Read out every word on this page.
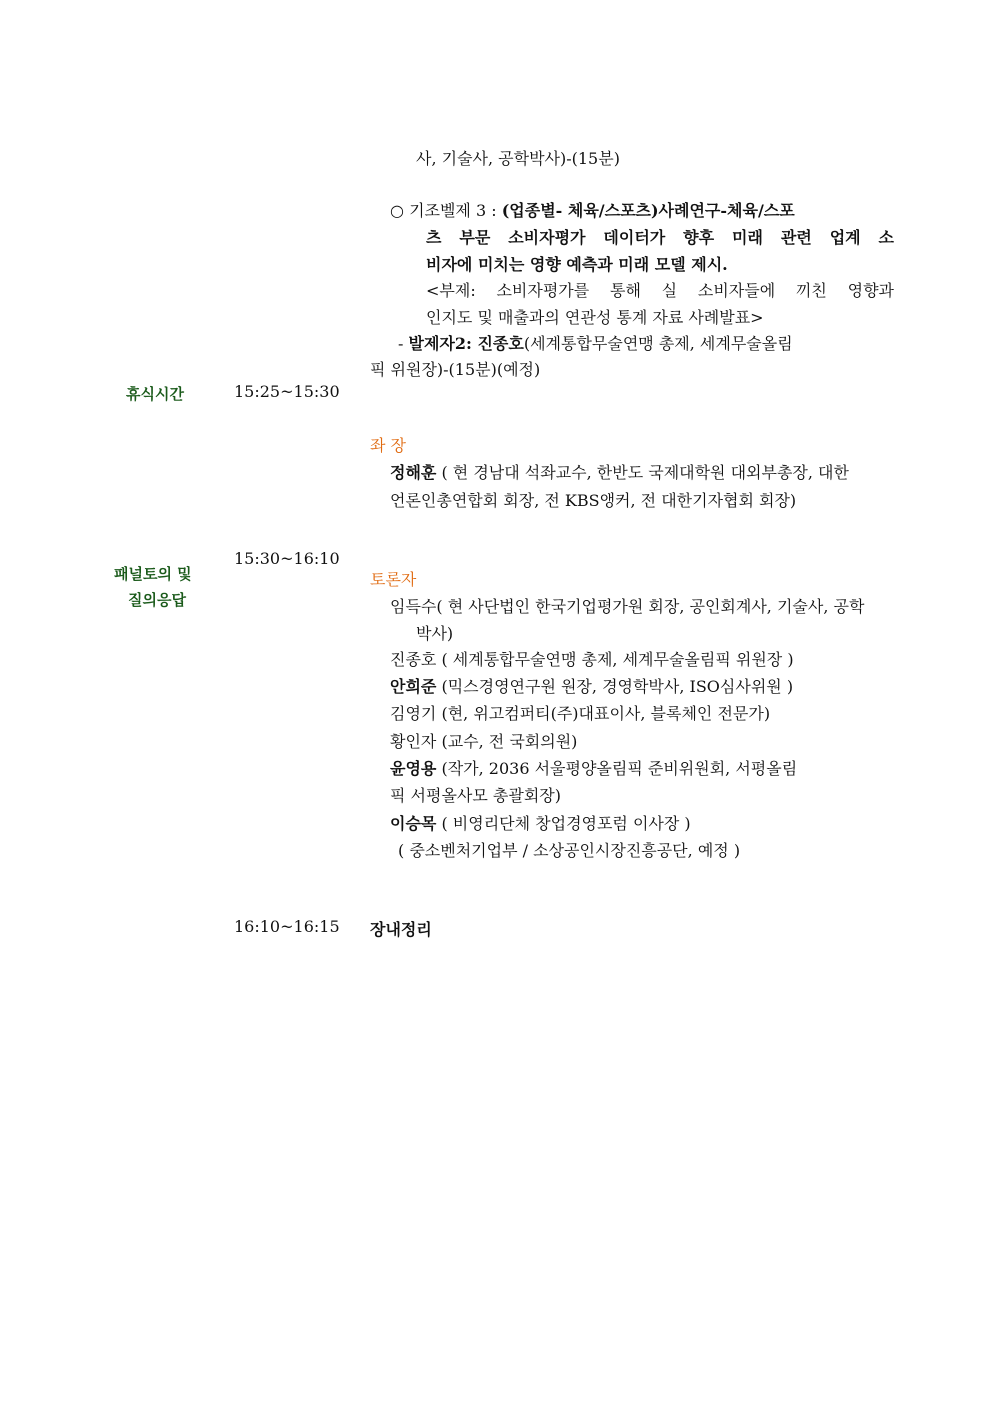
사, 기술사, 공학박사)-(15분)
○ 기조벨제 3 : (업종별- 체육/스포츠)사례연구-체육/스포
츠 부문 소비자평가 데이터가 향후 미래 관련 업계 소
비자에 미치는 영향 예측과 미래 모델 제시.
<부제: 소비자평가를 통해 실 소비자들에 끼친 영향과
인지도 및 매출과의 연관성 통계 자료 사례발표>
- 발제자2: 진종호(세계통합무술연맹 총제, 세계무술올림
픽 위원장)-(15분)(예정)
휴식시간	15:25~15:30
좌 장
정해훈 ( 현 경남대 석좌교수, 한반도 국제대학원 대외부총장, 대한
언론인총연합회 회장, 전 KBS앵커, 전 대한기자협회 회장)
패널토의 및
질의응답
15:30~16:10
토론자
임득수( 현 사단법인 한국기업평가원 회장, 공인회계사, 기술사, 공학
박사)
진종호 ( 세계통합무술연맹 총제, 세계무술올림픽 위원장 )
안희준 (믹스경영연구원 원장, 경영학박사, ISO심사위원 )
김영기 (현, 위고컴퍼티(주)대표이사, 블록체인 전문가)
황인자 (교수, 전 국회의원)
윤영용 (작가, 2036 서울평양올림픽 준비위원회, 서평올림
픽 서평올사모 총괄회장)
이승목 ( 비영리단체 창업경영포럼 이사장 )
( 중소벤처기업부 / 소상공인시장진흥공단, 예정 )
16:10~16:15 장내정리
